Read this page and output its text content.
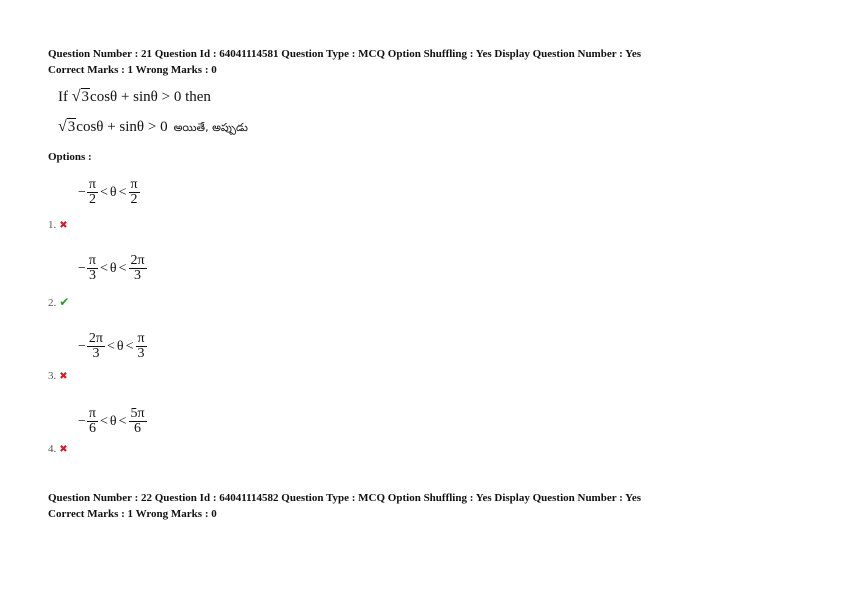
Question Number : 21 Question Id : 64041114581 Question Type : MCQ Option Shuffling : Yes Display Question Number : Yes
Correct Marks : 1 Wrong Marks : 0
If
√ 3 cosθ + sinθ > 0
then
√ 3 cosθ + sinθ > 0 అయితే, అప్పుడు
Options :
− $\frac{\pi}{2} < \theta < \frac{\pi}{2}$
1. ✖
− $\frac{\pi}{3} < \theta < \frac{2\pi}{3}$
2. ✔
− $\frac{2\pi}{3} < \theta < \frac{\pi}{3}$
3. ✖
− $\frac{\pi}{6} < \theta < \frac{5\pi}{6}$
4. ✖
Question Number : 22 Question Id : 64041114582 Question Type : MCQ Option Shuffling : Yes Display Question Number : Yes
Correct Marks : 1 Wrong Marks : 0
